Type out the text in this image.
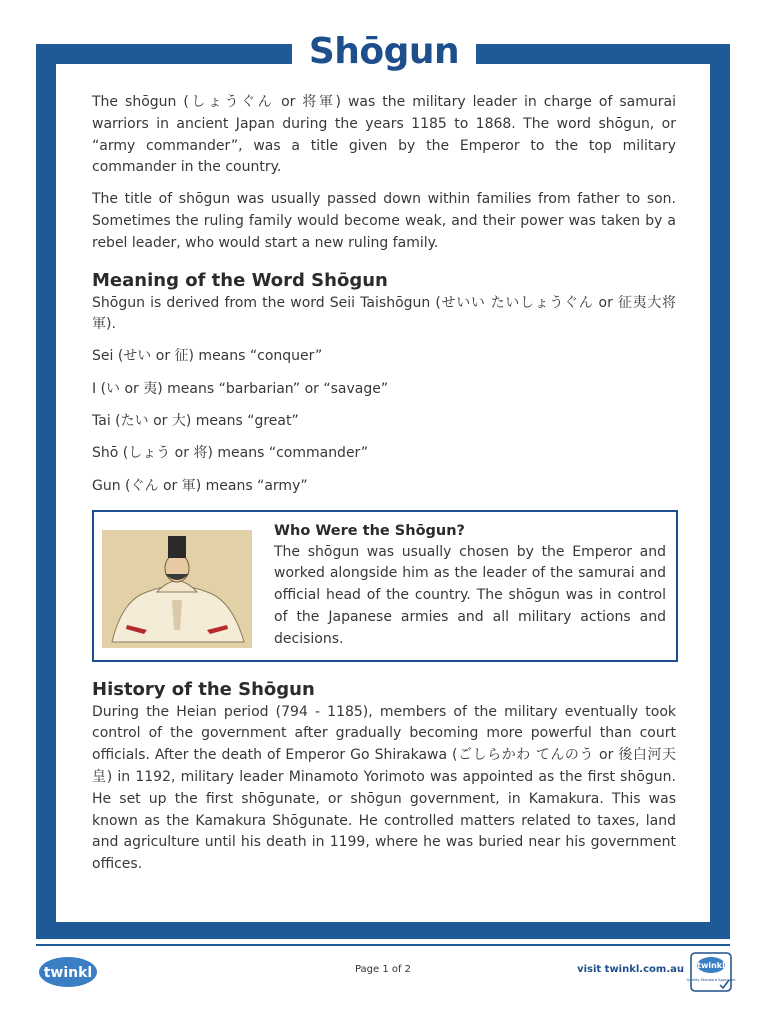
Shōgun

The shōgun (しょうぐん or 将軍) was the military leader in charge of samurai warriors in ancient Japan during the years 1185 to 1868. The word shōgun, or “army commander”, was a title given by the Emperor to the top military commander in the country.

The title of shōgun was usually passed down within families from father to son. Sometimes the ruling family would become weak, and their power was taken by a rebel leader, who would start a new ruling family.

Meaning of the Word Shōgun

Shōgun is derived from the word Seii Taishōgun (せいい たいしょうぐん or 征夷大将軍).

Sei (せい or 征) means “conquer”

I (い or 夷) means “barbarian” or “savage”

Tai (たい or 大) means “great”

Shō (しょう or 将) means “commander”

Gun (ぐん or 軍) means “army”

Who Were the Shōgun?
The shōgun was usually chosen by the Emperor and worked alongside him as the leader of the samurai and official head of the country. The shōgun was in control of the Japanese armies and all military actions and decisions.
History of the Shōgun

During the Heian period (794 - 1185), members of the military eventually took control of the government after gradually becoming more powerful than court officials. After the death of Emperor Go Shirakawa (ごしらかわ てんのう or 後白河天皇) in 1192, military leader Minamoto Yorimoto was appointed as the first shōgun. He set up the first shōgunate, or shōgun government, in Kamakura. This was known as the Kamakura Shōgunate. He controlled matters related to taxes, land and agriculture until his death in 1199, where he was buried near his government offices.

twinkl	Page 1 of 2	visit twinkl.com.au twinkl
Quality Standard Approved
